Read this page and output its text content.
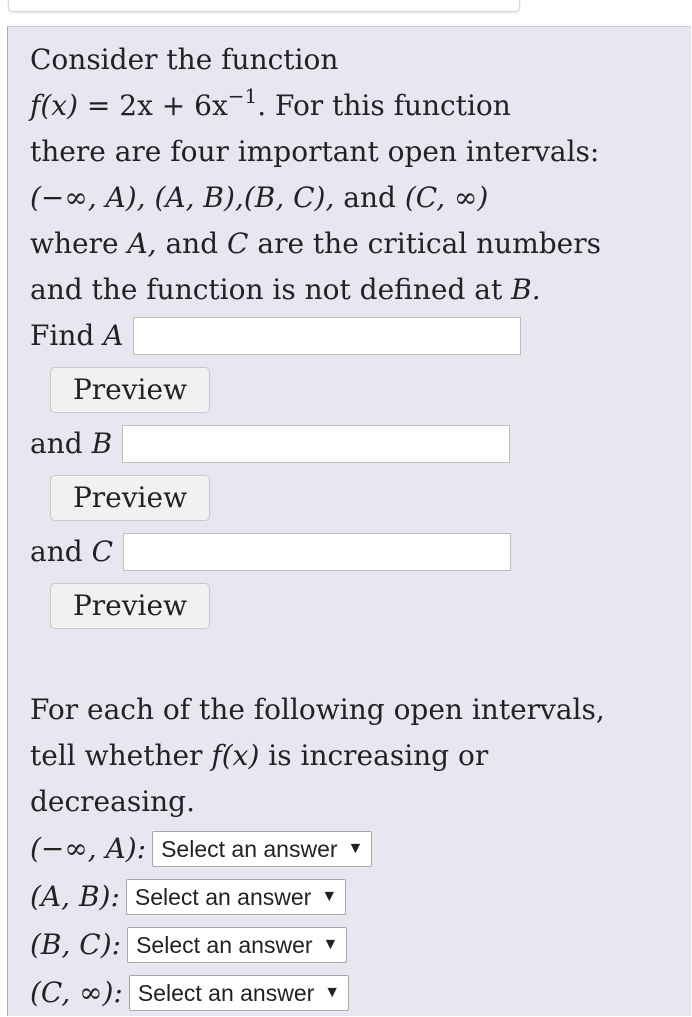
Consider the function
$f(x) = 2x + 6x^{-1}$. For this function
there are four important open intervals:
(−∞, A), (A, B),(B, C), and (C, ∞)
where A, and C are the critical numbers
and the function is not defined at B.
Find
A
Preview
and
B
Preview
and
C
Preview
For each of the following open intervals,
tell whether f(x) is increasing or
decreasing.
(−∞, A): Select an answer ▼
(A, B): Select an answer ▼
(B, C): Select an answer ▼
(C, ∞): Select an answer ▼
